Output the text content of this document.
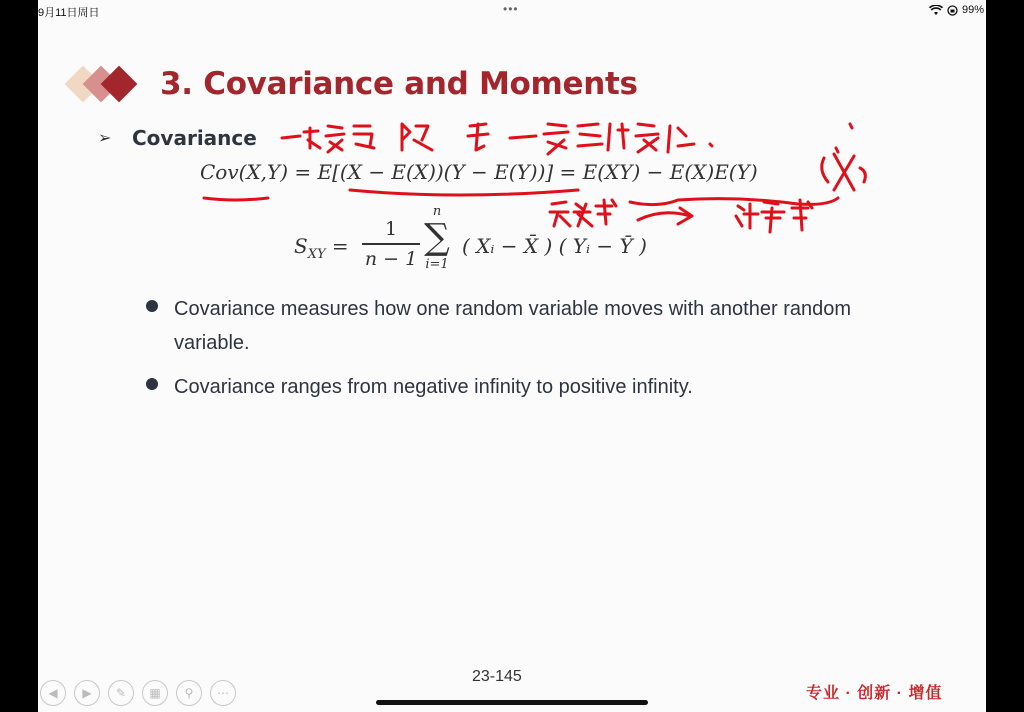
9月11日周日	•••	99%
3. Covariance and Moments
➢	Covariance
Cov(X,Y) = E[(X − E(X))(Y − E(Y))] = E(XY) − E(X)E(Y)
$S_{XY}$ =
1
n − 1
n
∑
i=1
( Xᵢ − X̄ ) ( Yᵢ − Ȳ )
Covariance measures how one random variable moves with another random variable.
Covariance ranges from negative infinity to positive infinity.
◀	▶	✎	▦	⚲	⋯
23-145
专业 · 创新 · 增值
